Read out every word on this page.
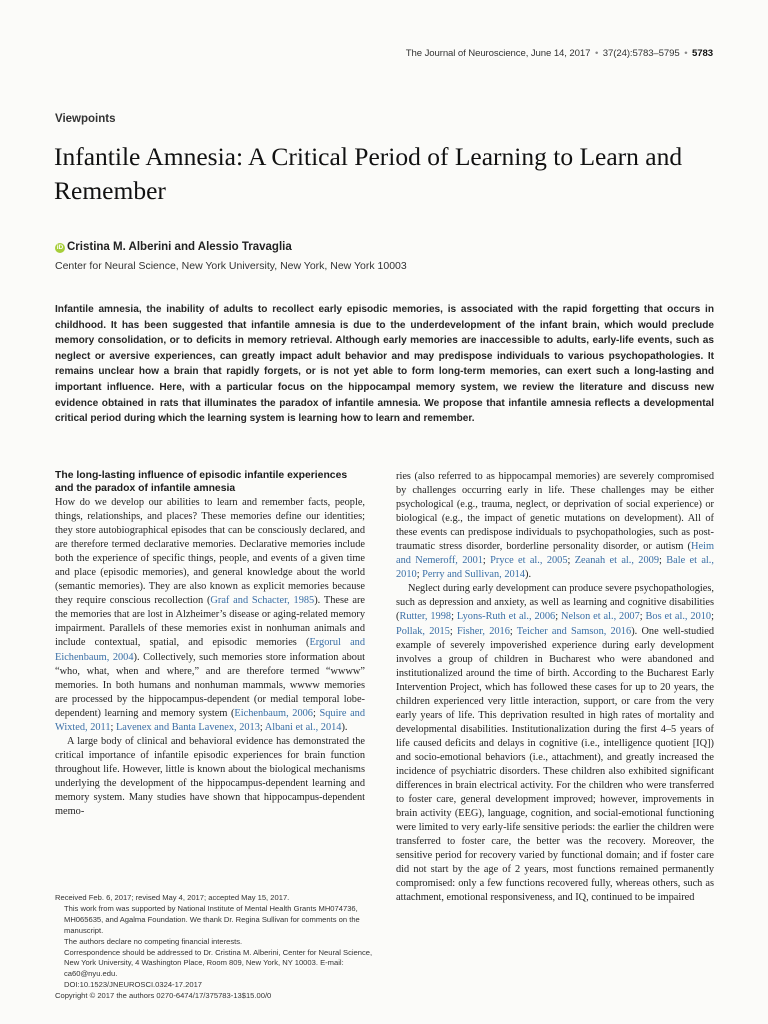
The Journal of Neuroscience, June 14, 2017 • 37(24):5783–5795 • 5783
Viewpoints
Infantile Amnesia: A Critical Period of Learning to Learn and Remember
iD Cristina M. Alberini and Alessio Travaglia
Center for Neural Science, New York University, New York, New York 10003

Infantile amnesia, the inability of adults to recollect early episodic memories, is associated with the rapid forgetting that occurs in childhood. It has been suggested that infantile amnesia is due to the underdevelopment of the infant brain, which would preclude memory consolidation, or to deficits in memory retrieval. Although early memories are inaccessible to adults, early-life events, such as neglect or aversive experiences, can greatly impact adult behavior and may predispose individuals to various psychopathologies. It remains unclear how a brain that rapidly forgets, or is not yet able to form long-term memories, can exert such a long-lasting and important influence. Here, with a particular focus on the hippocampal memory system, we review the literature and discuss new evidence obtained in rats that illuminates the paradox of infantile amnesia. We propose that infantile amnesia reflects a developmental critical period during which the learning system is learning how to learn and remember.

The long-lasting influence of episodic infantile experiences and the paradox of infantile amnesia

How do we develop our abilities to learn and remember facts, people, things, relationships, and places? These memories define our identities; they store autobiographical episodes that can be consciously declared, and are therefore termed declarative memories. Declarative memories include both the experience of specific things, people, and events of a given time and place (episodic memories), and general knowledge about the world (semantic memories). They are also known as explicit memories because they require conscious recollection (Graf and Schacter, 1985). These are the memories that are lost in Alzheimer’s disease or aging-related memory impairment. Parallels of these memories exist in nonhuman animals and include contextual, spatial, and episodic memories (Ergorul and Eichenbaum, 2004). Collectively, such memories store information about “who, what, when and where,” and are therefore termed “wwww” memories. In both humans and nonhuman mammals, wwww memories are processed by the hippocampus-dependent (or medial temporal lobe-dependent) learning and memory system (Eichenbaum, 2006; Squire and Wixted, 2011; Lavenex and Banta Lavenex, 2013; Albani et al., 2014).

A large body of clinical and behavioral evidence has demonstrated the critical importance of infantile episodic experiences for brain function throughout life. However, little is known about the biological mechanisms underlying the development of the hippocampus-dependent learning and memory system. Many studies have shown that hippocampus-dependent memo-

ries (also referred to as hippocampal memories) are severely compromised by challenges occurring early in life. These challenges may be either psychological (e.g., trauma, neglect, or deprivation of social experience) or biological (e.g., the impact of genetic mutations on development). All of these events can predispose individuals to psychopathologies, such as post-traumatic stress disorder, borderline personality disorder, or autism (Heim and Nemeroff, 2001; Pryce et al., 2005; Zeanah et al., 2009; Bale et al., 2010; Perry and Sullivan, 2014).

Neglect during early development can produce severe psychopathologies, such as depression and anxiety, as well as learning and cognitive disabilities (Rutter, 1998; Lyons-Ruth et al., 2006; Nelson et al., 2007; Bos et al., 2010; Pollak, 2015; Fisher, 2016; Teicher and Samson, 2016). One well-studied example of severely impoverished experience during early development involves a group of children in Bucharest who were abandoned and institutionalized around the time of birth. According to the Bucharest Early Intervention Project, which has followed these cases for up to 20 years, the children experienced very little interaction, support, or care from the very early years of life. This deprivation resulted in high rates of mortality and developmental disabilities. Institutionalization during the first 4–5 years of life caused deficits and delays in cognitive (i.e., intelligence quotient [IQ]) and socio-emotional behaviors (i.e., attachment), and greatly increased the incidence of psychiatric disorders. These children also exhibited significant differences in brain electrical activity. For the children who were transferred to foster care, general development improved; however, improvements in brain activity (EEG), language, cognition, and social-emotional functioning were limited to very early-life sensitive periods: the earlier the children were transferred to foster care, the better was the recovery. Moreover, the sensitive period for recovery varied by functional domain; and if foster care did not start by the age of 2 years, most functions remained permanently compromised: only a few functions recovered fully, whereas others, such as attachment, emotional responsiveness, and IQ, continued to be impaired

Received Feb. 6, 2017; revised May 4, 2017; accepted May 15, 2017.
This work from was supported by National Institute of Mental Health Grants MH074736, MH065635, and Agalma Foundation. We thank Dr. Regina Sullivan for comments on the manuscript.
The authors declare no competing financial interests.
Correspondence should be addressed to Dr. Cristina M. Alberini, Center for Neural Science, New York University, 4 Washington Place, Room 809, New York, NY 10003. E-mail: ca60@nyu.edu.
DOI:10.1523/JNEUROSCI.0324-17.2017
Copyright © 2017 the authors 0270-6474/17/375783-13$15.00/0
